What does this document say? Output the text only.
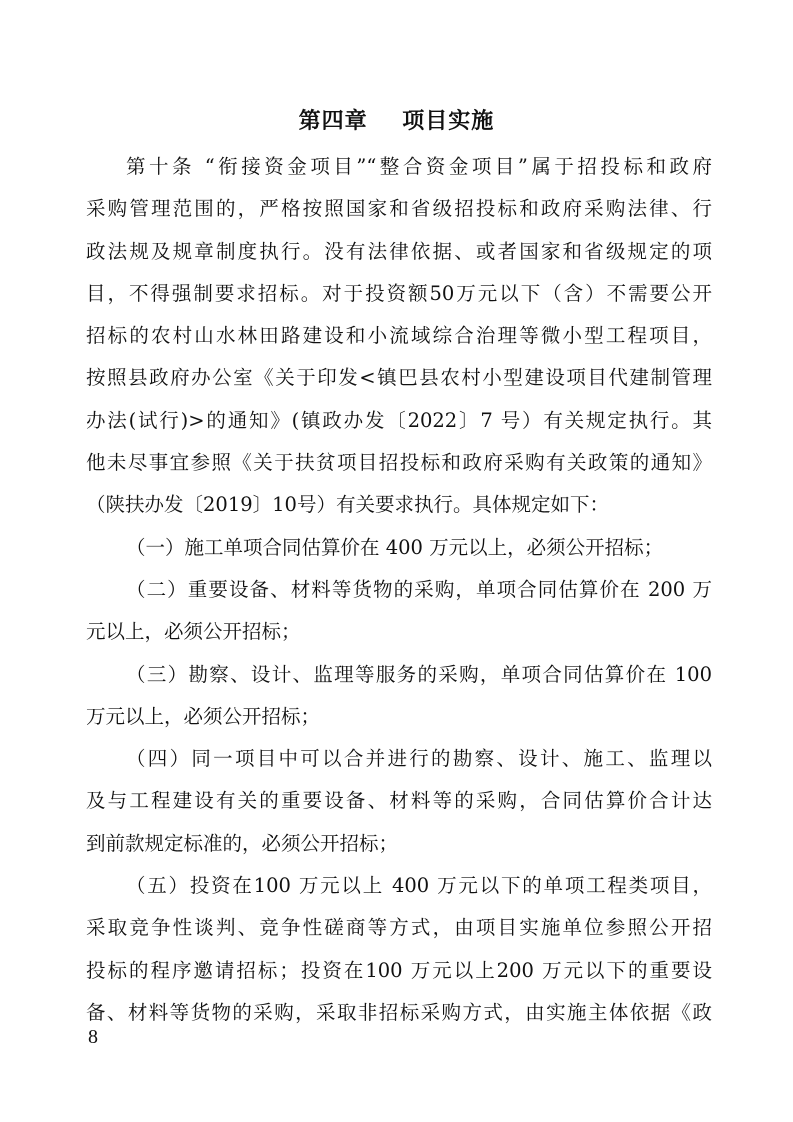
第四章    项目实施
第十条 “衔接资金项目”“整合资金项目”属于招投标和政府
采购管理范围的，严格按照国家和省级招投标和政府采购法律、行
政法规及规章制度执行。没有法律依据、或者国家和省级规定的项
目，不得强制要求招标。对于投资额50万元以下（含）不需要公开
招标的农村山水林田路建设和小流域综合治理等微小型工程项目，
按照县政府办公室《关于印发<镇巴县农村小型建设项目代建制管理
办法(试行)>的通知》(镇政办发〔2022〕7 号）有关规定执行。其
他未尽事宜参照《关于扶贫项目招投标和政府采购有关政策的通知》
（陕扶办发〔2019〕10号）有关要求执行。具体规定如下：
（一）施工单项合同估算价在 400 万元以上，必须公开招标；
（二）重要设备、材料等货物的采购，单项合同估算价在 200 万
元以上，必须公开招标；
（三）勘察、设计、监理等服务的采购，单项合同估算价在 100
万元以上，必须公开招标；
（四）同一项目中可以合并进行的勘察、设计、施工、监理以
及与工程建设有关的重要设备、材料等的采购，合同估算价合计达
到前款规定标准的，必须公开招标；
（五）投资在100 万元以上 400 万元以下的单项工程类项目，
采取竞争性谈判、竞争性磋商等方式，由项目实施单位参照公开招
投标的程序邀请招标；投资在100 万元以上200 万元以下的重要设
备、材料等货物的采购，采取非招标采购方式，由实施主体依据《政
8
